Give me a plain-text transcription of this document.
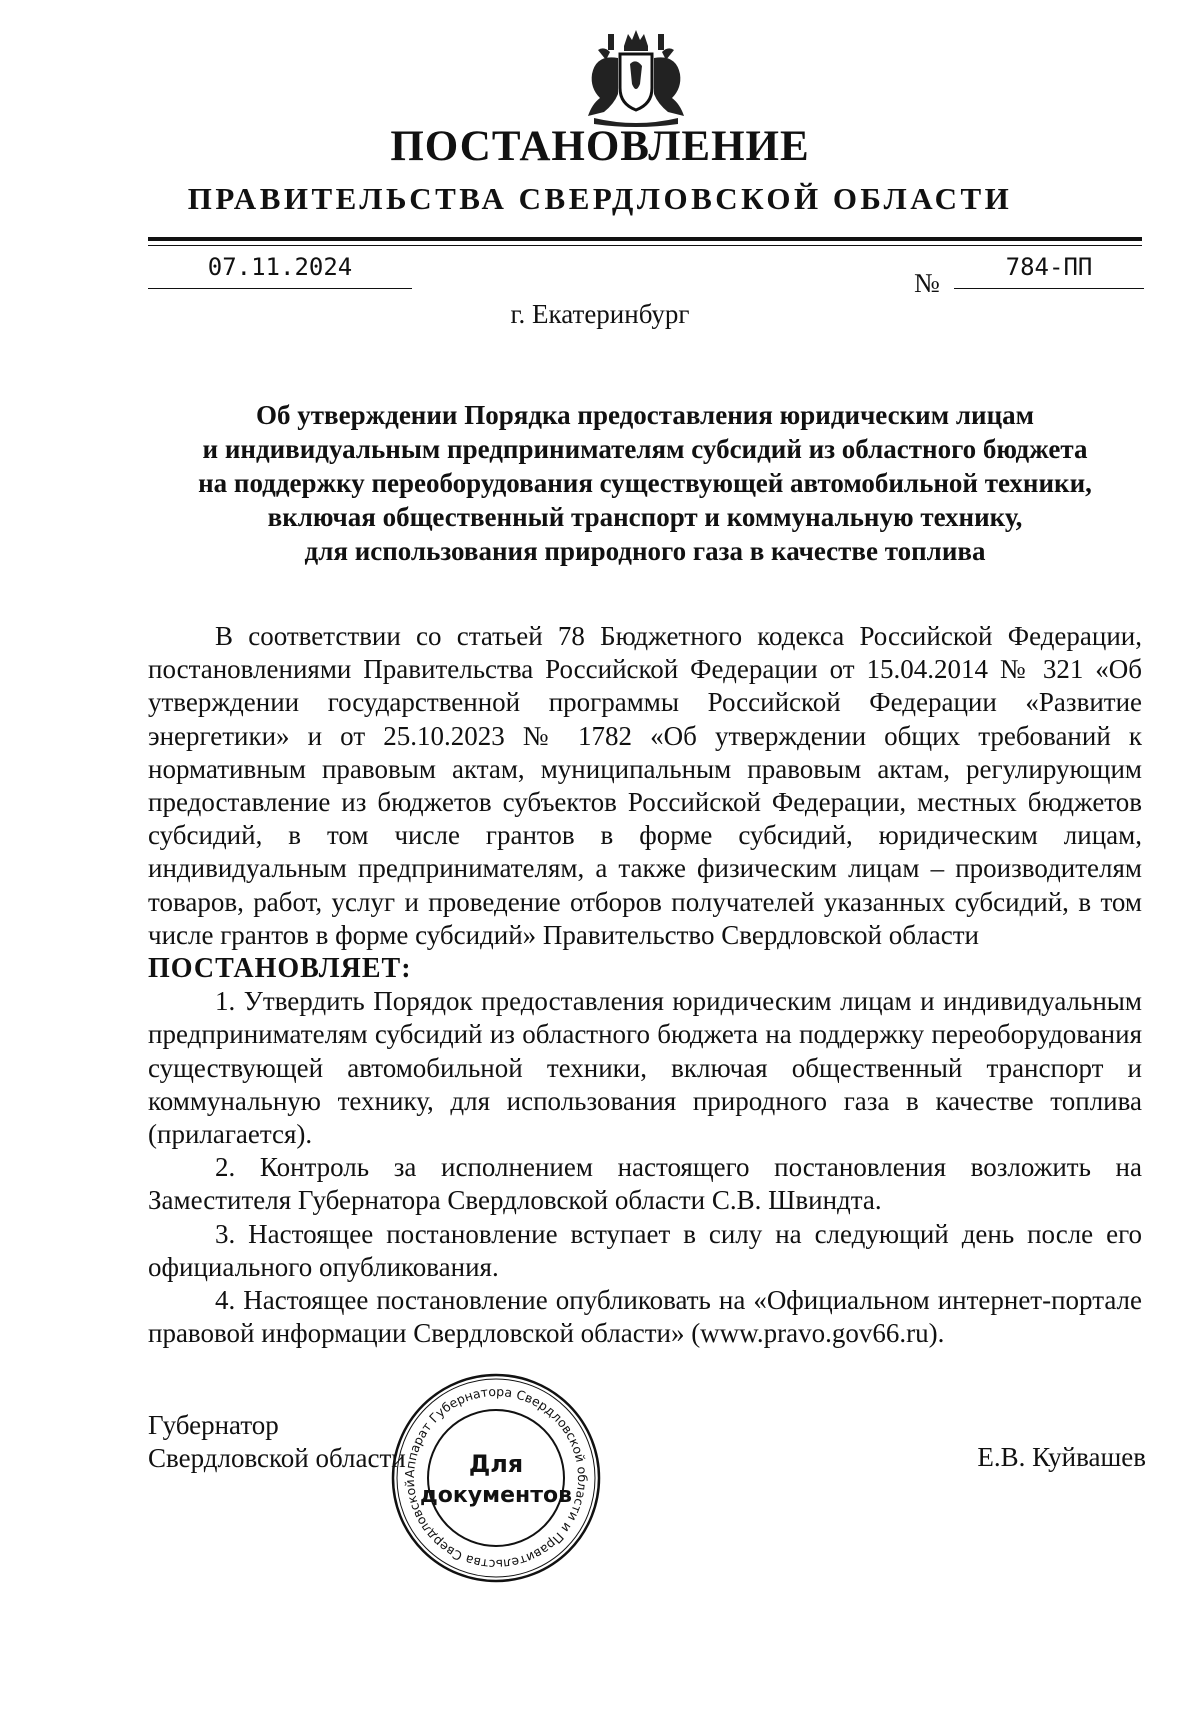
ПОСТАНОВЛЕНИЕ
ПРАВИТЕЛЬСТВА СВЕРДЛОВСКОЙ ОБЛАСТИ
07.11.2024
№
784-ПП
г. Екатеринбург
Об утверждении Порядка предоставления юридическим лицам
и индивидуальным предпринимателям субсидий из областного бюджета
на поддержку переоборудования существующей автомобильной техники,
включая общественный транспорт и коммунальную технику,
для использования природного газа в качестве топлива

В соответствии со статьей 78 Бюджетного кодекса Российской Федерации, постановлениями Правительства Российской Федерации от 15.04.2014 № 321 «Об утверждении государственной программы Российской Федерации «Развитие энергетики» и от 25.10.2023 № 1782 «Об утверждении общих требований к нормативным правовым актам, муниципальным правовым актам, регулирующим предоставление из бюджетов субъектов Российской Федерации, местных бюджетов субсидий, в том числе грантов в форме субсидий, юридическим лицам, индивидуальным предпринимателям, а также физическим лицам – производителям товаров, работ, услуг и проведение отборов получателей указанных субсидий, в том числе грантов в форме субсидий» Правительство Свердловской области

ПОСТАНОВЛЯЕТ:

1. Утвердить Порядок предоставления юридическим лицам и индивидуальным предпринимателям субсидий из областного бюджета на поддержку переоборудования существующей автомобильной техники, включая общественный транспорт и коммунальную технику, для использования природного газа в качестве топлива (прилагается).

2. Контроль за исполнением настоящего постановления возложить на Заместителя Губернатора Свердловской области С.В. Швиндта.

3. Настоящее постановление вступает в силу на следующий день после его официального опубликования.

4. Настоящее постановление опубликовать на «Официальном интернет-портале правовой информации Свердловской области» (www.pravo.gov66.ru).

Губернатор
Свердловской области	Е.В. Куйвашев
Аппарат Губернатора Свердловской области и Правительства Свердловской
Для
документов
